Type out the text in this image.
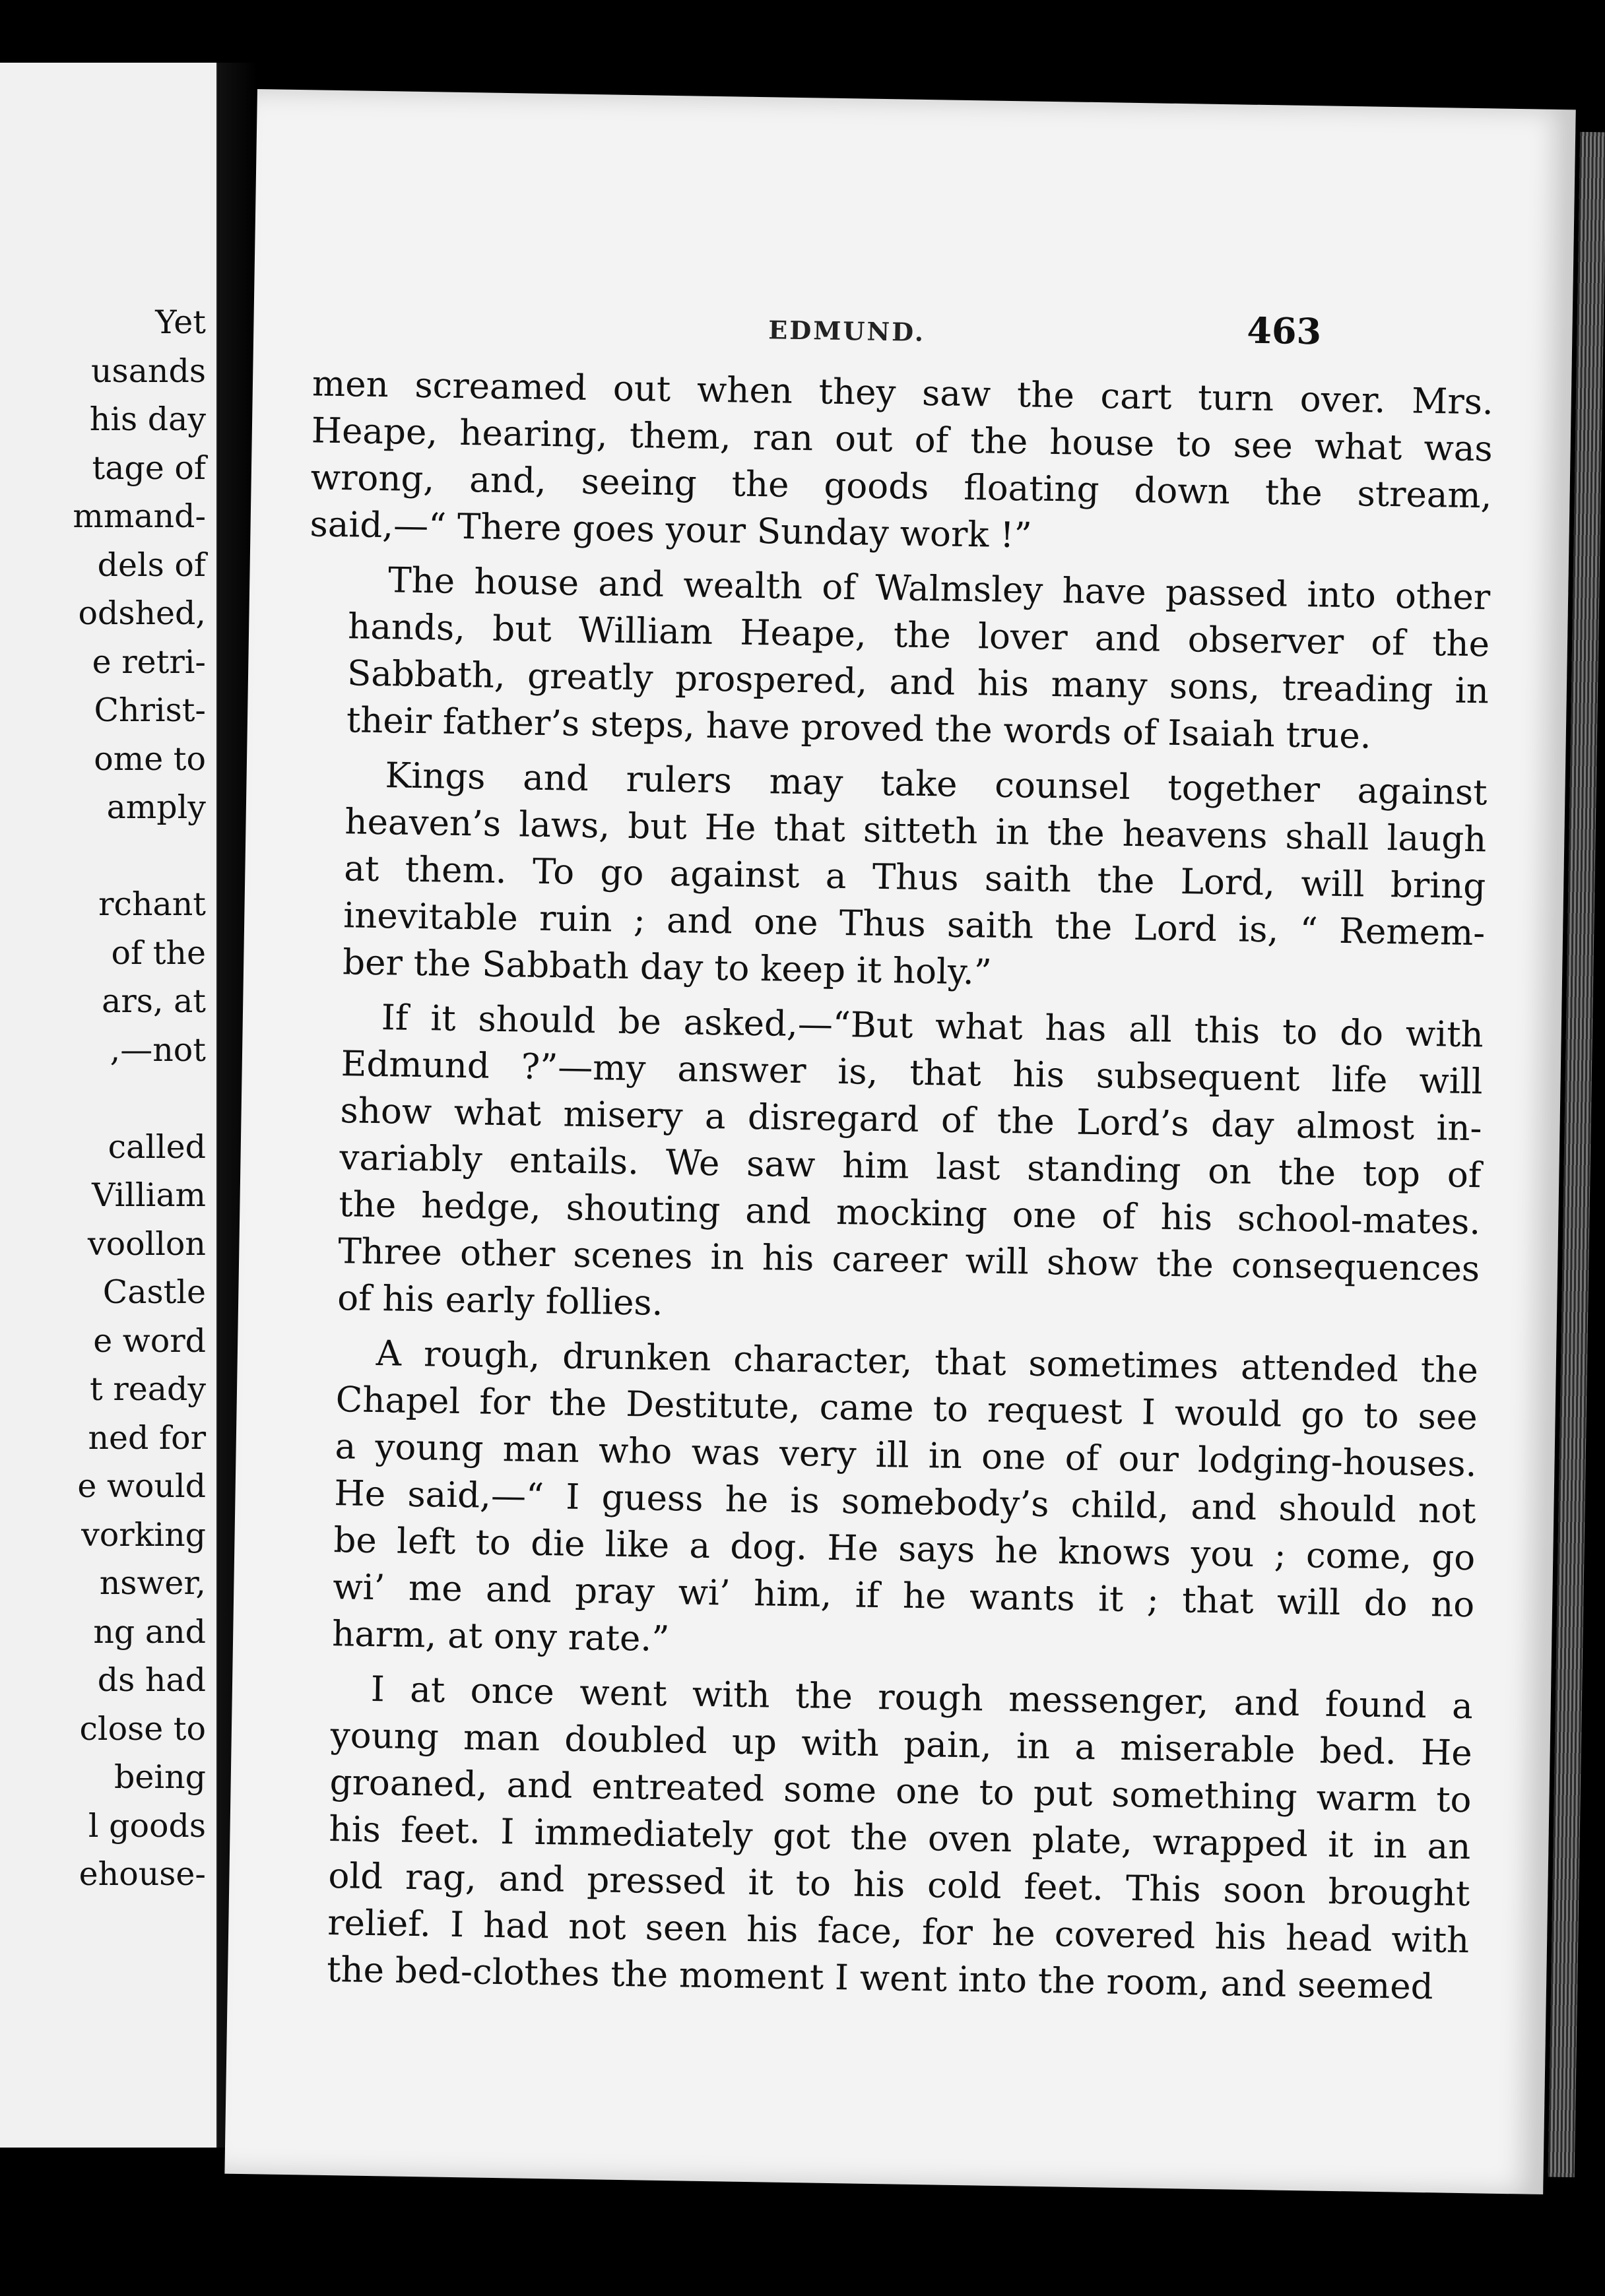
Yet
usands
his day
tage of
mmand-
dels of
odshed,
e retri-
Christ-
ome to
amply
rchant
of the
ars, at
,—not
called
Villiam
voollon
Castle
e word
t ready
ned for
e would
vorking
nswer,
ng and
ds had
close to
being
l goods
ehouse-
EDMUND.	463
men screamed out when they saw the cart turn over. Mrs.
Heape, hearing, them, ran out of the house to see what was
wrong, and, seeing the goods floating down the stream,
said,—“ There goes your Sunday work !”
The house and wealth of Walmsley have passed into other
hands, but William Heape, the lover and observer of the
Sabbath, greatly prospered, and his many sons, treading in
their father’s steps, have proved the words of Isaiah true.
Kings and rulers may take counsel together against
heaven’s laws, but He that sitteth in the heavens shall laugh
at them. To go against a Thus saith the Lord, will bring
inevitable ruin ; and one Thus saith the Lord is, “ Remem-
ber the Sabbath day to keep it holy.”
If it should be asked,—“But what has all this to do with
Edmund ?”—my answer is, that his subsequent life will
show what misery a disregard of the Lord’s day almost in-
variably entails. We saw him last standing on the top of
the hedge, shouting and mocking one of his school-mates.
Three other scenes in his career will show the consequences
of his early follies.
A rough, drunken character, that sometimes attended the
Chapel for the Destitute, came to request I would go to see
a young man who was very ill in one of our lodging-houses.
He said,—“ I guess he is somebody’s child, and should not
be left to die like a dog. He says he knows you ; come, go
wi’ me and pray wi’ him, if he wants it ; that will do no
harm, at ony rate.”
I at once went with the rough messenger, and found a
young man doubled up with pain, in a miserable bed. He
groaned, and entreated some one to put something warm to
his feet. I immediately got the oven plate, wrapped it in an
old rag, and pressed it to his cold feet. This soon brought
relief. I had not seen his face, for he covered his head with
the bed-clothes the moment I went into the room, and seemed
